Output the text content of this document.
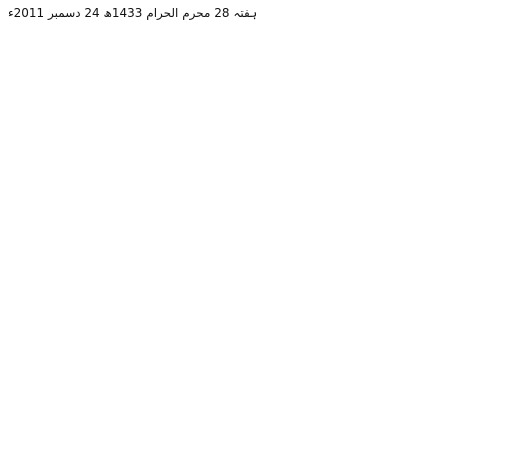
ہفتہ 28 محرم الحرام 1433ھ 24 دسمبر 2011ء
